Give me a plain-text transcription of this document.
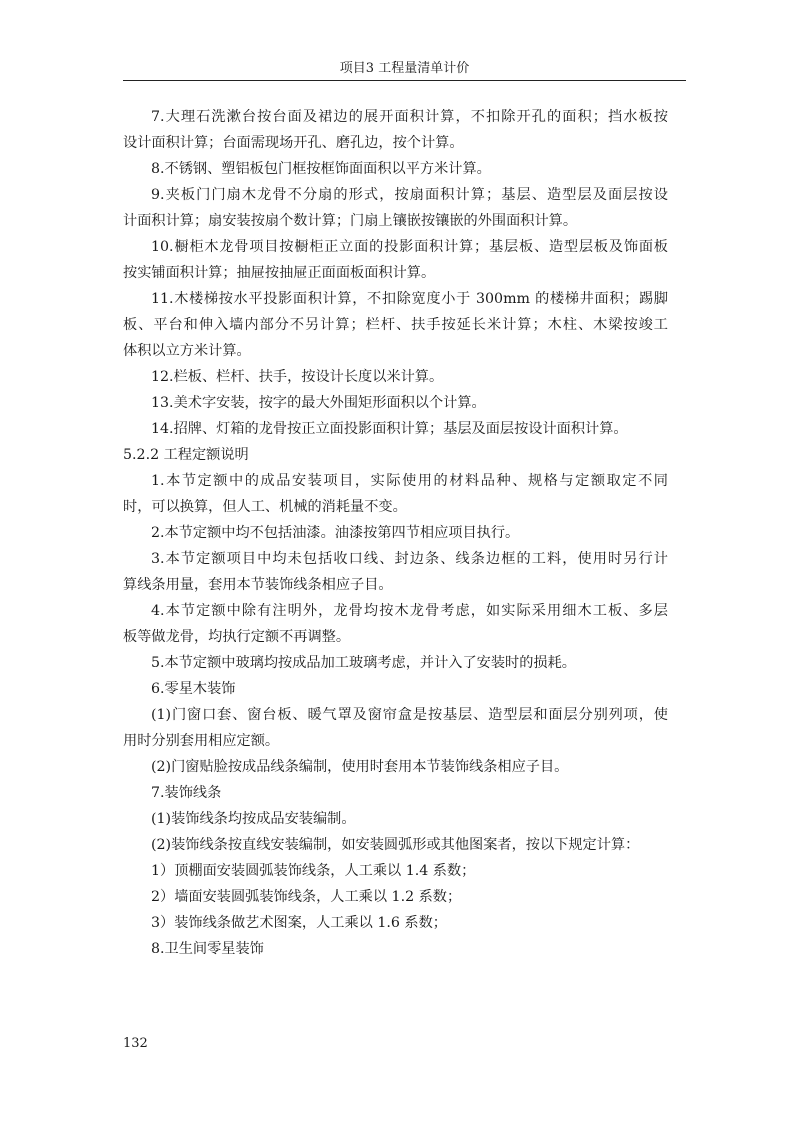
项目3 工程量清单计价
7.大理石洗漱台按台面及裙边的展开面积计算，不扣除开孔的面积；挡水板按
设计面积计算；台面需现场开孔、磨孔边，按个计算。
8.不锈钢、塑铝板包门框按框饰面面积以平方米计算。
9.夹板门门扇木龙骨不分扇的形式，按扇面积计算；基层、造型层及面层按设
计面积计算；扇安装按扇个数计算；门扇上镶嵌按镶嵌的外围面积计算。
10.橱柜木龙骨项目按橱柜正立面的投影面积计算；基层板、造型层板及饰面板
按实铺面积计算；抽屉按抽屉正面面板面积计算。
11.木楼梯按水平投影面积计算，不扣除宽度小于 300mm 的楼梯井面积；踢脚
板、平台和伸入墙内部分不另计算；栏杆、扶手按延长米计算；木柱、木梁按竣工
体积以立方米计算。
12.栏板、栏杆、扶手，按设计长度以米计算。
13.美术字安装，按字的最大外围矩形面积以个计算。
14.招牌、灯箱的龙骨按正立面投影面积计算；基层及面层按设计面积计算。
5.2.2 工程定额说明
1.本节定额中的成品安装项目，实际使用的材料品种、规格与定额取定不同
时，可以换算，但人工、机械的消耗量不变。
2.本节定额中均不包括油漆。油漆按第四节相应项目执行。
3.本节定额项目中均未包括收口线、封边条、线条边框的工料，使用时另行计
算线条用量，套用本节装饰线条相应子目。
4.本节定额中除有注明外，龙骨均按木龙骨考虑，如实际采用细木工板、多层
板等做龙骨，均执行定额不再调整。
5.本节定额中玻璃均按成品加工玻璃考虑，并计入了安装时的损耗。
6.零星木装饰
(1)门窗口套、窗台板、暖气罩及窗帘盒是按基层、造型层和面层分别列项，使
用时分别套用相应定额。
(2)门窗贴脸按成品线条编制，使用时套用本节装饰线条相应子目。
7.装饰线条
(1)装饰线条均按成品安装编制。
(2)装饰线条按直线安装编制，如安装圆弧形或其他图案者，按以下规定计算：
1）顶棚面安装圆弧装饰线条，人工乘以 1.4 系数；
2）墙面安装圆弧装饰线条，人工乘以 1.2 系数；
3）装饰线条做艺术图案，人工乘以 1.6 系数；
8.卫生间零星装饰
132
